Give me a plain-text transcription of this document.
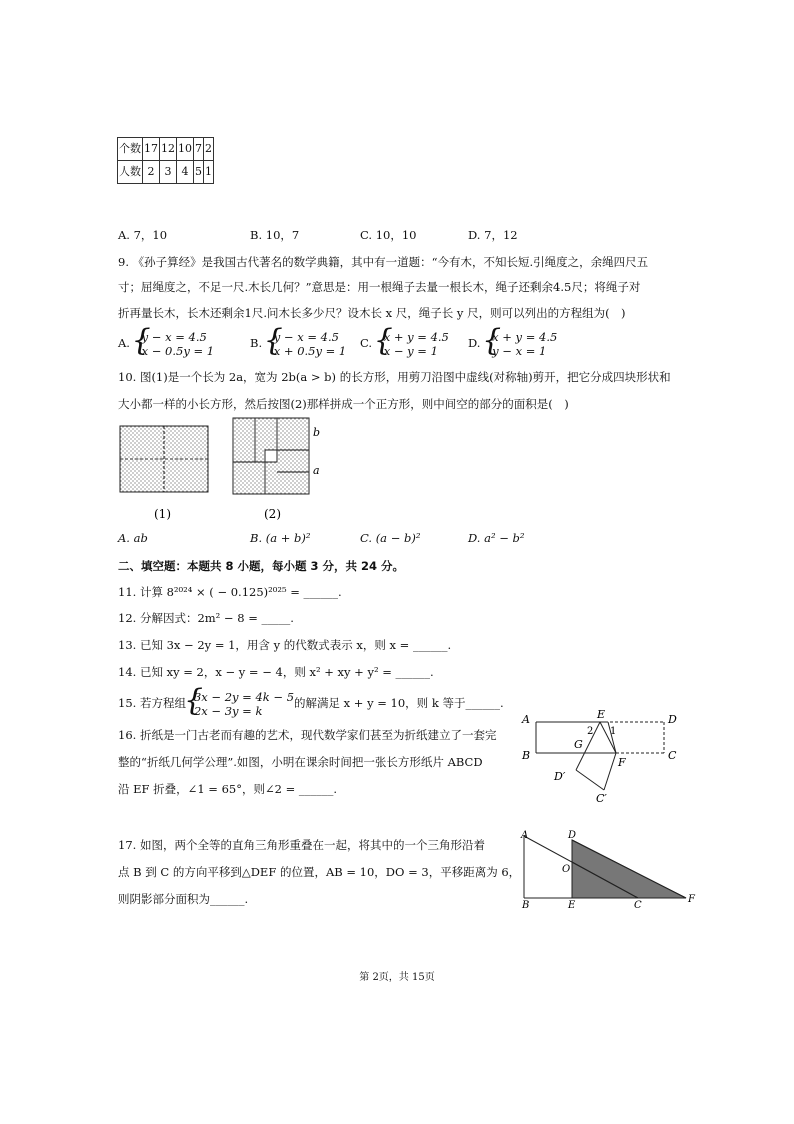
个数	17	12	10	7	2
人数	2	3	4	5	1
A. 7，10	B. 10，7	C. 10，10	D. 7，12
9. 《孙子算经》是我国古代著名的数学典籍，其中有一道题：“今有木，不知长短.引绳度之，余绳四尺五
寸；屈绳度之，不足一尺.木长几何？”意思是：用一根绳子去量一根长木，绳子还剩余4.5尺；将绳子对
折再量长木，长木还剩余1尺.问木长多少尺？设木长 x 尺，绳子长 y 尺，则可以列出的方程组为(　)
A. { y − x = 4.5
x − 0.5y = 1
B. { y − x = 4.5
x + 0.5y = 1
C. { x + y = 4.5
x − y = 1
D. { x + y = 4.5
y − x = 1
10. 图(1)是一个长为 2a，宽为 2b(a > b) 的长方形，用剪刀沿图中虚线(对称轴)剪开，把它分成四块形状和
大小都一样的小长方形，然后按图(2)那样拼成一个正方形，则中间空的部分的面积是(　)
(1)
b
a
(2)
A. ab	B. (a + b)²	C. (a − b)²	D. a² − b²
二、填空题：本题共 8 小题，每小题 3 分，共 24 分。
11. 计算 8²⁰²⁴ × ( − 0.125)²⁰²⁵ = ______.
12. 分解因式：2m² − 8 = _____.
13. 已知 3x − 2y = 1，用含 y 的代数式表示 x，则 x = ______.
14. 已知 xy = 2，x − y = − 4，则 x² + xy + y² = ______.
15. 若方程组 { 3x − 2y = 4k − 5
2x − 3y = k的解满足 x + y = 10，则 k 等于______.
16. 折纸是一门古老而有趣的艺术，现代数学家们甚至为折纸建立了一套完
整的“折纸几何学公理”.如图，小明在课余时间把一张长方形纸片 ABCD
沿 EF 折叠，∠1 = 65°，则∠2 = ______.
A
B
D
C
E
F
G
D′
C′
2 1
17. 如图，两个全等的直角三角形重叠在一起，将其中的一个三角形沿着
点 B 到 C 的方向平移到△DEF 的位置，AB = 10，DO = 3，平移距离为 6，
则阴影部分面积为______.
A
B	C
D
E
F
O
第 2页，共 15页
